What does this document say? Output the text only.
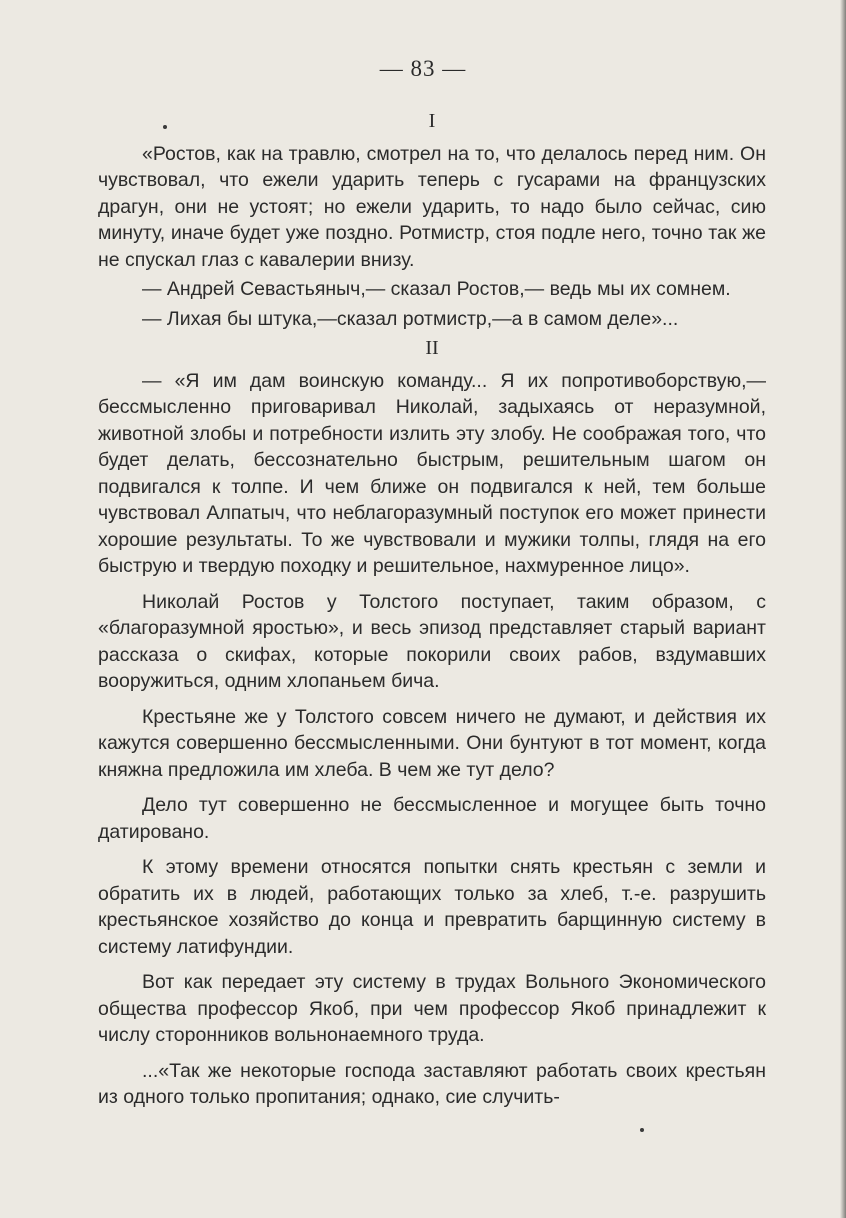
— 83 —
I

«Ростов, как на травлю, смотрел на то, что делалось перед ним. Он чувствовал, что ежели ударить теперь с гусарами на французских драгун, они не устоят; но ежели ударить, то надо было сейчас, сию минуту, иначе будет уже поздно. Ротмистр, стоя подле него, точно так же не спускал глаз с кавалерии внизу.

— Андрей Севастьяныч,— сказал Ростов,— ведь мы их сомнем.

— Лихая бы штука,—сказал ротмистр,—а в самом деле»...

II

— «Я им дам воинскую команду... Я их попротивоборствую,—бессмысленно приговаривал Николай, задыхаясь от неразумной, животной злобы и потребности излить эту злобу. Не соображая того, что будет делать, бессознательно быстрым, решительным шагом он подвигался к толпе. И чем ближе он подвигался к ней, тем больше чувствовал Алпатыч, что неблагоразумный поступок его может принести хорошие результаты. То же чувствовали и мужики толпы, глядя на его быструю и твердую походку и решительное, нахмуренное лицо».

Николай Ростов у Толстого поступает, таким образом, с «благоразумной яростью», и весь эпизод представляет старый вариант рассказа о скифах, которые покорили своих рабов, вздумавших вооружиться, одним хлопаньем бича.

Крестьяне же у Толстого совсем ничего не думают, и действия их кажутся совершенно бессмысленными. Они бунтуют в тот момент, когда княжна предложила им хлеба. В чем же тут дело?

Дело тут совершенно не бессмысленное и могущее быть точно датировано.

К этому времени относятся попытки снять крестьян с земли и обратить их в людей, работающих только за хлеб, т.-е. разрушить крестьянское хозяйство до конца и превратить барщинную систему в систему латифундии.

Вот как передает эту систему в трудах Вольного Экономического общества профессор Якоб, при чем профессор Якоб принадлежит к числу сторонников вольнонаемного труда.

...«Так же некоторые господа заставляют работать своих крестьян из одного только пропитания; однако, сие случить-
